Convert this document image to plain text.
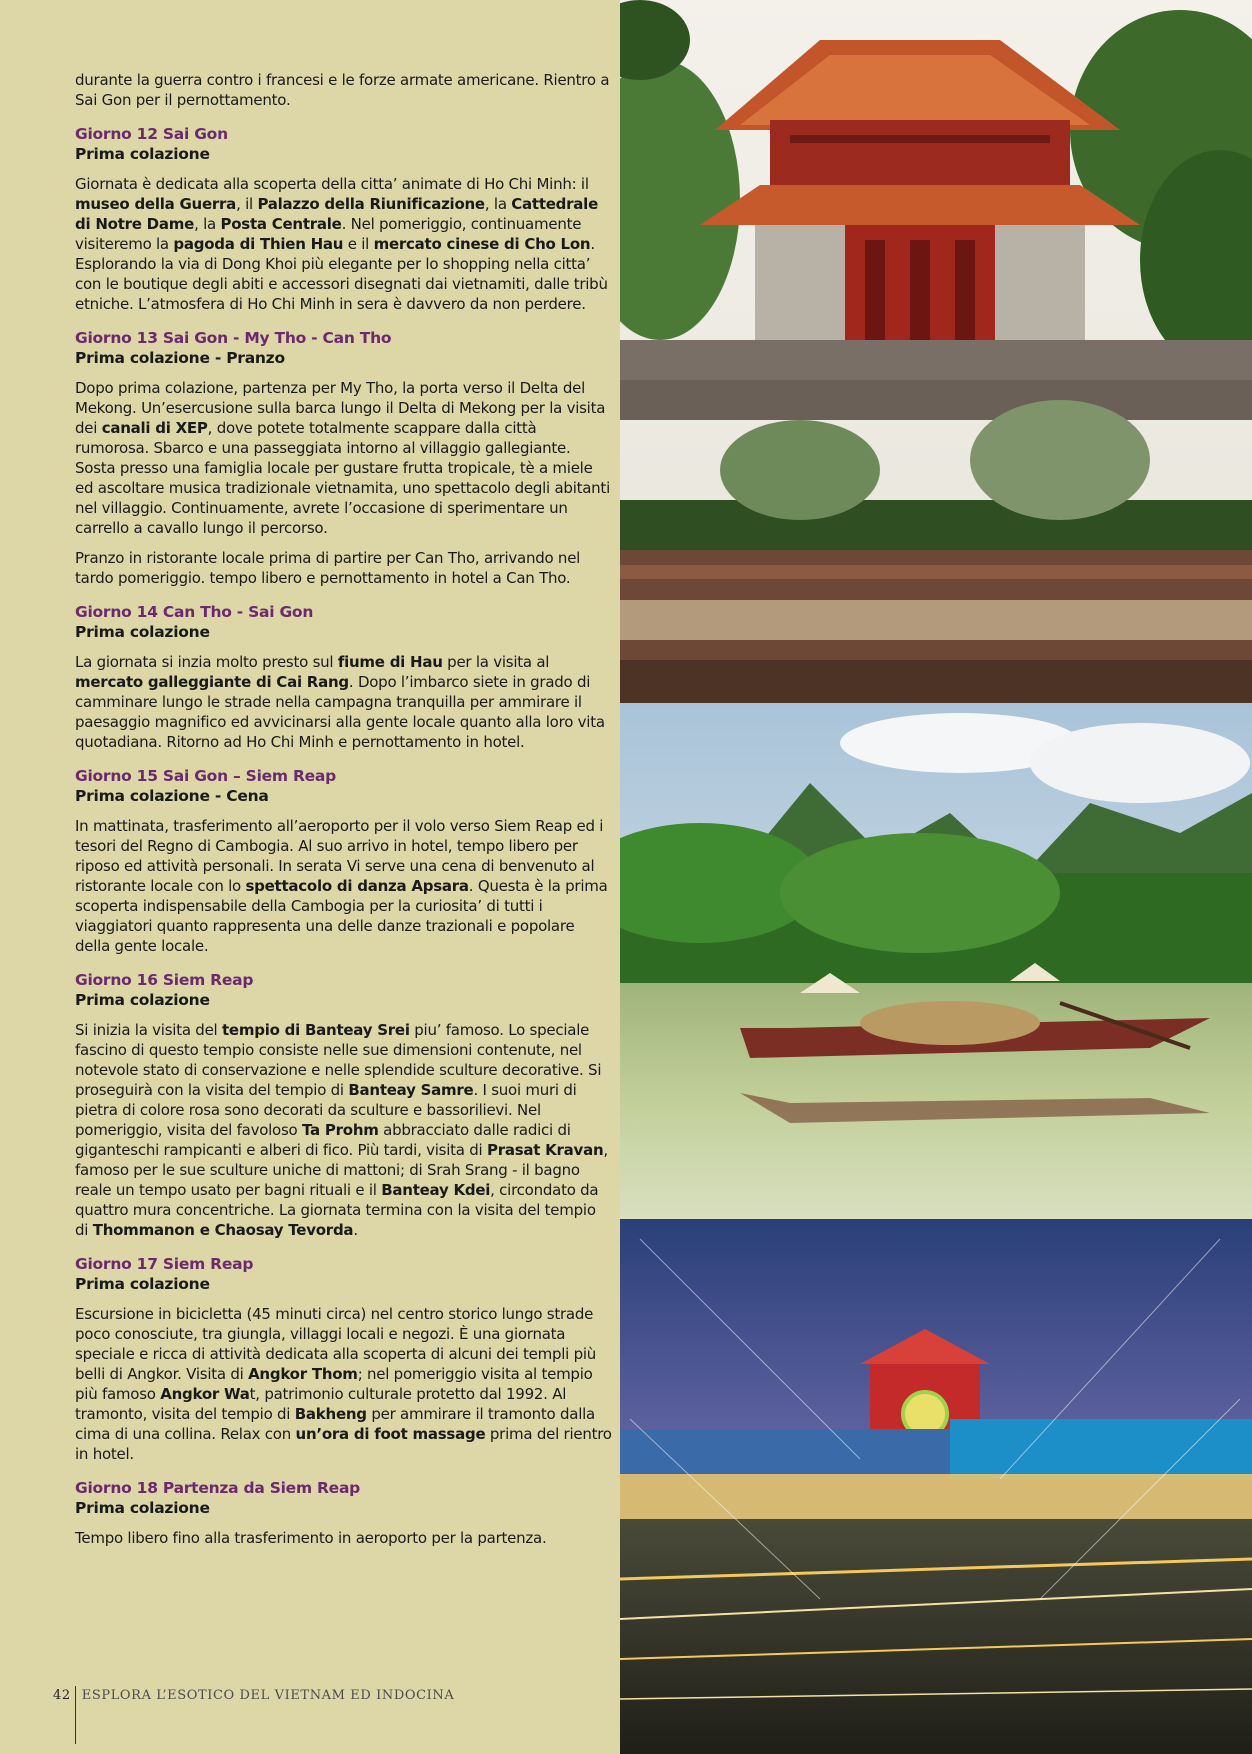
durante la guerra contro i francesi e le forze armate americane. Rientro a Sai Gon per il pernottamento.

Giorno 12 Sai Gon
Prima colazione

Giornata è dedicata alla scoperta della citta’ animate di Ho Chi Minh: il museo della Guerra, il Palazzo della Riunificazione, la Cattedrale di Notre Dame, la Posta Centrale. Nel pomeriggio, continuamente visiteremo la pagoda di Thien Hau e il mercato cinese di Cho Lon. Esplorando la via di Dong Khoi più elegante per lo shopping nella citta’ con le boutique degli abiti e accessori disegnati dai vietnamiti, dalle tribù etniche. L’atmosfera di Ho Chi Minh in sera è davvero da non perdere.

Giorno 13 Sai Gon - My Tho - Can Tho
Prima colazione - Pranzo

Dopo prima colazione, partenza per My Tho, la porta verso il Delta del Mekong. Un’esercusione sulla barca lungo il Delta di Mekong per la visita dei canali di XEP, dove potete totalmente scappare dalla città rumorosa. Sbarco e una passeggiata intorno al villaggio gallegiante. Sosta presso una famiglia locale per gustare frutta tropicale, tè a miele ed ascoltare musica tradizionale vietnamita, uno spettacolo degli abitanti nel villaggio. Continuamente, avrete l’occasione di sperimentare un carrello a cavallo lungo il percorso.

Pranzo in ristorante locale prima di partire per Can Tho, arrivando nel tardo pomeriggio. tempo libero e pernottamento in hotel a Can Tho.

Giorno 14 Can Tho - Sai Gon
Prima colazione

La giornata si inzia molto presto sul fiume di Hau per la visita al mercato galleggiante di Cai Rang. Dopo l’imbarco siete in grado di camminare lungo le strade nella campagna tranquilla per ammirare il paesaggio magnifico ed avvicinarsi alla gente locale quanto alla loro vita quotadiana. Ritorno ad Ho Chi Minh e pernottamento in hotel.

Giorno 15 Sai Gon – Siem Reap
Prima colazione - Cena

In mattinata, trasferimento all’aeroporto per il volo verso Siem Reap ed i tesori del Regno di Cambogia. Al suo arrivo in hotel, tempo libero per riposo ed attività personali. In serata Vi serve una cena di benvenuto al ristorante locale con lo spettacolo di danza Apsara. Questa è la prima scoperta indispensabile della Cambogia per la curiosita’ di tutti i viaggiatori quanto rappresenta una delle danze trazionali e popolare della gente locale.

Giorno 16 Siem Reap
Prima colazione

Si inizia la visita del tempio di Banteay Srei piu’ famoso. Lo speciale fascino di questo tempio consiste nelle sue dimensioni contenute, nel notevole stato di conservazione e nelle splendide sculture decorative. Si proseguirà con la visita del tempio di Banteay Samre. I suoi muri di pietra di colore rosa sono decorati da sculture e bassorilievi. Nel pomeriggio, visita del favoloso Ta Prohm abbracciato dalle radici di giganteschi rampicanti e alberi di fico. Più tardi, visita di Prasat Kravan, famoso per le sue sculture uniche di mattoni; di Srah Srang - il bagno reale un tempo usato per bagni rituali e il Banteay Kdei, circondato da quattro mura concentriche. La giornata termina con la visita del tempio di Thommanon e Chaosay Tevorda.

Giorno 17 Siem Reap
Prima colazione

Escursione in bicicletta (45 minuti circa) nel centro storico lungo strade poco conosciute, tra giungla, villaggi locali e negozi. È una giornata speciale e ricca di attività dedicata alla scoperta di alcuni dei templi più belli di Angkor. Visita di Angkor Thom; nel pomeriggio visita al tempio più famoso Angkor Wat, patrimonio culturale protetto dal 1992. Al tramonto, visita del tempio di Bakheng per ammirare il tramonto dalla cima di una collina. Relax con un’ora di foot massage prima del rientro in hotel.

Giorno 18 Partenza da Siem Reap
Prima colazione

Tempo libero fino alla trasferimento in aeroporto per la partenza.

42 ESPLORA L’ESOTICO DEL VIETNAM ED INDOCINA
